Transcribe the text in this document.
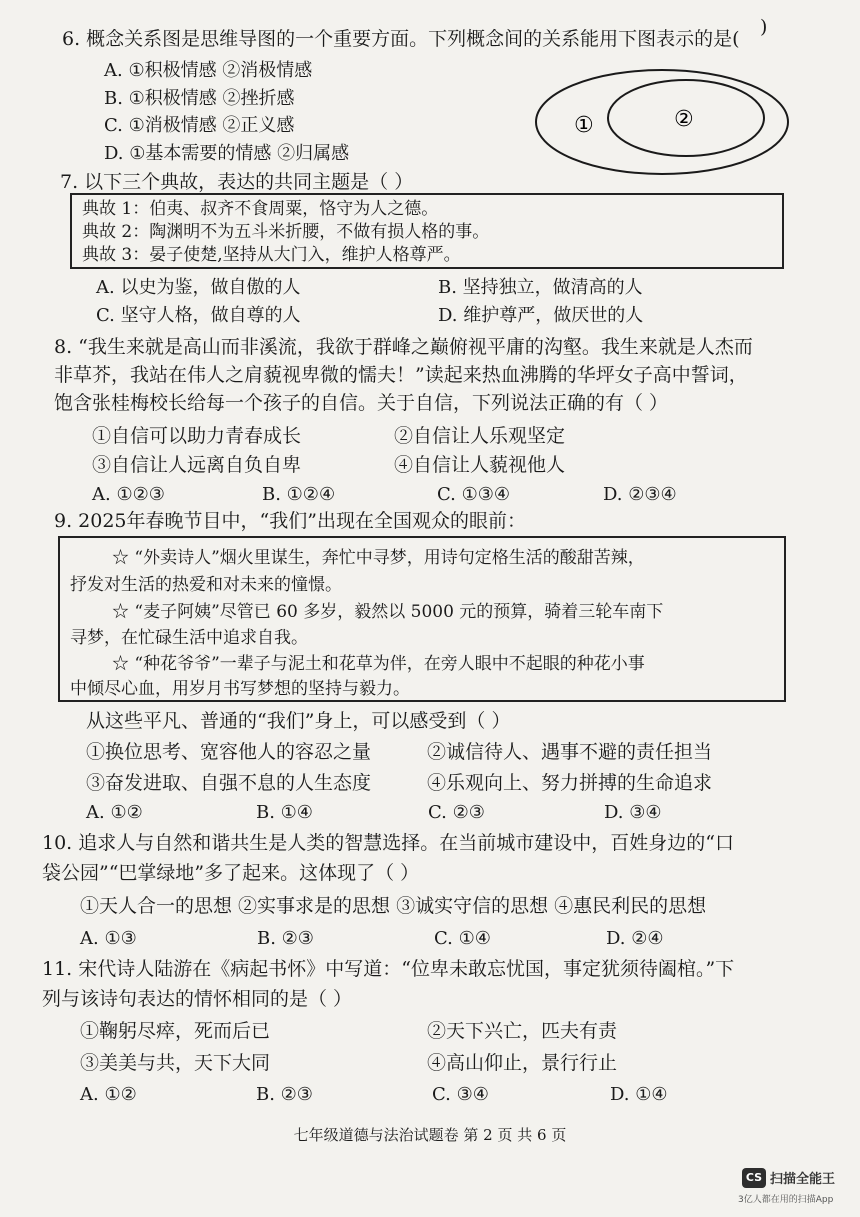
6. 概念关系图是思维导图的一个重要方面。下列概念间的关系能用下图表示的是(
)
A. ①积极情感 ②消极情感
B. ①积极情感 ②挫折感
C. ①消极情感 ②正义感
D. ①基本需要的情感 ②归属感
①	②
7. 以下三个典故，表达的共同主题是（ ）
典故 1：伯夷、叔齐不食周粟，恪守为人之德。
典故 2：陶渊明不为五斗米折腰，不做有损人格的事。
典故 3：晏子使楚,坚持从大门入，维护人格尊严。
A. 以史为鉴，做自傲的人	B. 坚持独立，做清高的人
C. 坚守人格，做自尊的人	D. 维护尊严，做厌世的人
8. “我生来就是高山而非溪流，我欲于群峰之巅俯视平庸的沟壑。我生来就是人杰而
非草芥，我站在伟人之肩藐视卑微的懦夫！”读起来热血沸腾的华坪女子高中誓词，
饱含张桂梅校长给每一个孩子的自信。关于自信，下列说法正确的有（ ）
①自信可以助力青春成长	②自信让人乐观坚定
③自信让人远离自负自卑	④自信让人藐视他人
A. ①②③	B. ①②④	C. ①③④	D. ②③④
9. 2025年春晚节目中，“我们”出现在全国观众的眼前：
☆ “外卖诗人”烟火里谋生，奔忙中寻梦，用诗句定格生活的酸甜苦辣，
抒发对生活的热爱和对未来的憧憬。
☆ “麦子阿姨”尽管已 60 多岁，毅然以 5000 元的预算，骑着三轮车南下
寻梦，在忙碌生活中追求自我。
☆ “种花爷爷”一辈子与泥土和花草为伴，在旁人眼中不起眼的种花小事
中倾尽心血，用岁月书写梦想的坚持与毅力。
从这些平凡、普通的“我们”身上，可以感受到（ ）
①换位思考、宽容他人的容忍之量	②诚信待人、遇事不避的责任担当
③奋发进取、自强不息的人生态度	④乐观向上、努力拼搏的生命追求
A. ①②	B. ①④	C. ②③	D. ③④
10. 追求人与自然和谐共生是人类的智慧选择。在当前城市建设中，百姓身边的“口
袋公园”“巴掌绿地”多了起来。这体现了（ ）
①天人合一的思想 ②实事求是的思想 ③诚实守信的思想 ④惠民利民的思想
A. ①③	B. ②③	C. ①④	D. ②④
11. 宋代诗人陆游在《病起书怀》中写道：“位卑未敢忘忧国，事定犹须待阖棺。”下
列与该诗句表达的情怀相同的是（ ）
①鞠躬尽瘁，死而后已	②天下兴亡，匹夫有责
③美美与共，天下大同	④高山仰止，景行行止
A. ①②	B. ②③	C. ③④	D. ①④
七年级道德与法治试题卷 第 2 页 共 6 页
CS 扫描全能王
3亿人都在用的扫描App
